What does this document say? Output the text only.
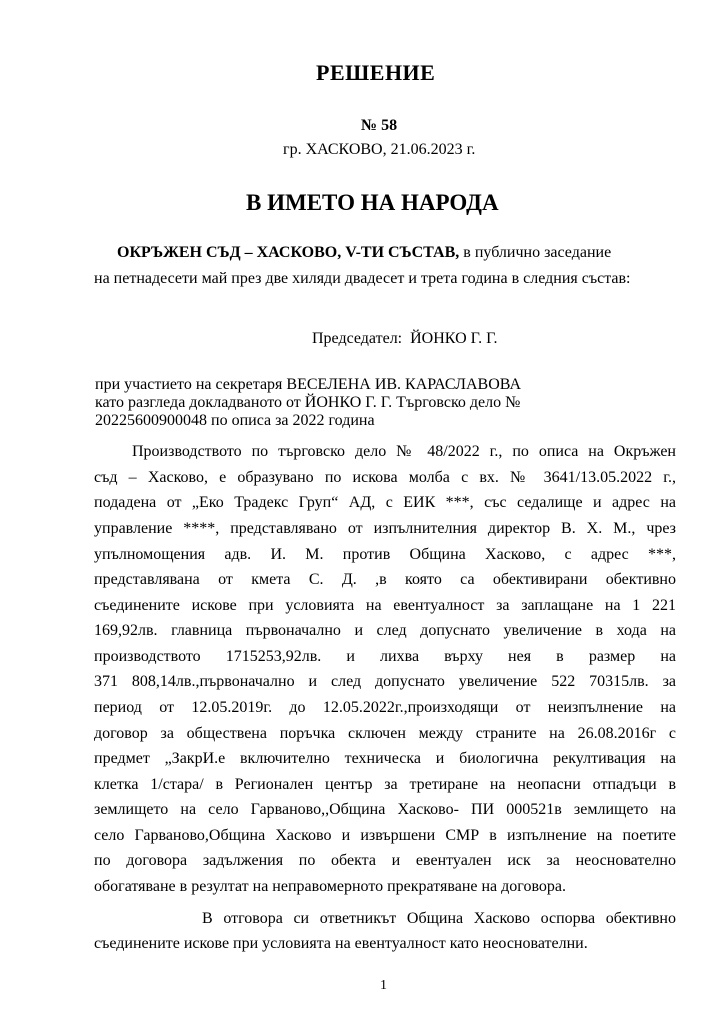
РЕШЕНИЕ
№ 58
гр. ХАСКОВО, 21.06.2023 г.
В ИМЕТО НА НАРОДА
ОКРЪЖЕН СЪД – ХАСКОВО, V-ТИ СЪСТАВ, в публично заседание
на петнадесети май през две хиляди двадесет и трета година в следния състав:
Председател: ЙОНКО Г. Г.
при участието на секретаря ВЕСЕЛЕНА ИВ. КАРАСЛАВОВА
като разгледа докладваното от ЙОНКО Г. Г. Търговско дело №
20225600900048 по описа за 2022 година
Производството по търговско дело № 48/2022 г., по описа на Окръжен
съд – Хасково, е образувано по искова молба с вх. № 3641/13.05.2022 г.,
подадена от „Еко Традекс Груп“ АД, с ЕИК ***, със седалище и адрес на
управление ****, представлявано от изпълнителния директор В. Х. М., чрез
упълномощения адв. И. М. против Община Хасково, с адрес ***,
представлявана от кмета С. Д. ,в която са обективирани обективно
съединените искове при условията на евентуалност за заплащане на 1 221
169,92лв. главница първоначално и след допуснато увеличение в хода на
производството 1715253,92лв. и лихва върху нея в размер на
371 808,14лв.,първоначално и след допуснато увеличение 522 70315лв. за
период от 12.05.2019г. до 12.05.2022г.,произходящи от неизпълнение на
договор за обществена поръчка сключен между страните на 26.08.2016г с
предмет „ЗакрИ.е включително техническа и биологична рекултивация на
клетка 1/стара/ в Регионален център за третиране на неопасни отпадъци в
землището на село Гарваново,,Община Хасково- ПИ 000521в землището на
село Гарваново,Община Хасково и извършени СМР в изпълнение на поетите
по договора задължения по обекта и евентуален иск за неоснователно
обогатяване в резултат на неправомерното прекратяване на договора.
В отговора си ответникът Община Хасково оспорва обективно
съединените искове при условията на евентуалност като неоснователни.
1
